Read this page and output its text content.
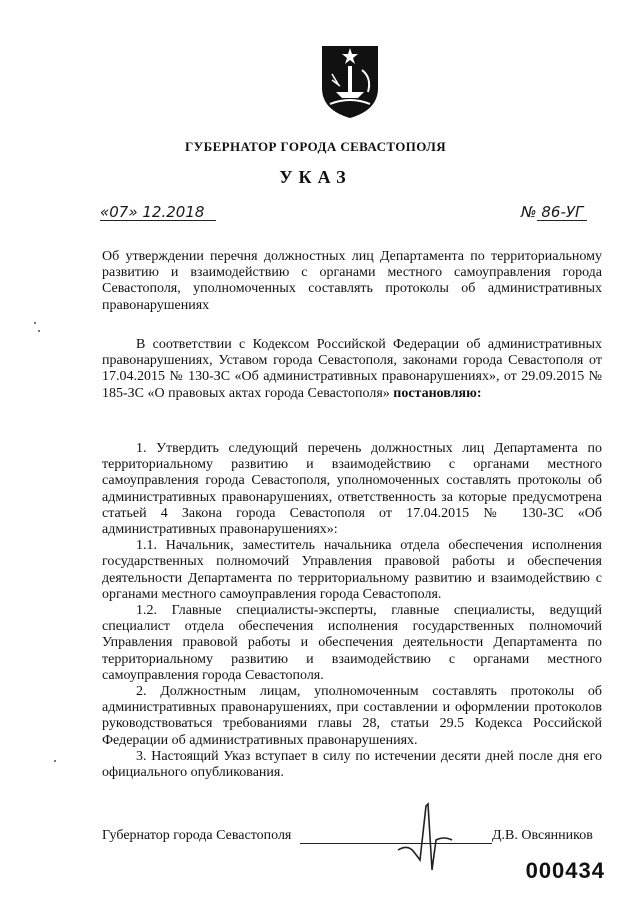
ГУБЕРНАТОР ГОРОДА СЕВАСТОПОЛЯ
УКАЗ
«07» 12.2018	№ 86-УГ
Об утверждении перечня должностных лиц Департамента по территориальному развитию и взаимодействию с органами местного самоуправления города Севастополя, уполномоченных составлять протоколы об административных правонарушениях
В соответствии с Кодексом Российской Федерации об административных правонарушениях, Уставом города Севастополя, законами города Севастополя от 17.04.2015 № 130-ЗС «Об административных правонарушениях», от 29.09.2015 № 185-ЗС «О правовых актах города Севастополя» постановляю:
1. Утвердить следующий перечень должностных лиц Департамента по территориальному развитию и взаимодействию с органами местного самоуправления города Севастополя, уполномоченных составлять протоколы об административных правонарушениях, ответственность за которые предусмотрена статьей 4 Закона города Севастополя от 17.04.2015 № 130-ЗС «Об административных правонарушениях»:
1.1. Начальник, заместитель начальника отдела обеспечения исполнения государственных полномочий Управления правовой работы и обеспечения деятельности Департамента по территориальному развитию и взаимодействию с органами местного самоуправления города Севастополя.
1.2. Главные специалисты-эксперты, главные специалисты, ведущий специалист отдела обеспечения исполнения государственных полномочий Управления правовой работы и обеспечения деятельности Департамента по территориальному развитию и взаимодействию с органами местного самоуправления города Севастополя.
2. Должностным лицам, уполномоченным составлять протоколы об административных правонарушениях, при составлении и оформлении протоколов руководствоваться требованиями главы 28, статьи 29.5 Кодекса Российской Федерации об административных правонарушениях.
3. Настоящий Указ вступает в силу по истечении десяти дней после дня его официального опубликования.
Губернатор города Севастополя	Д.В. Овсянников
000434
